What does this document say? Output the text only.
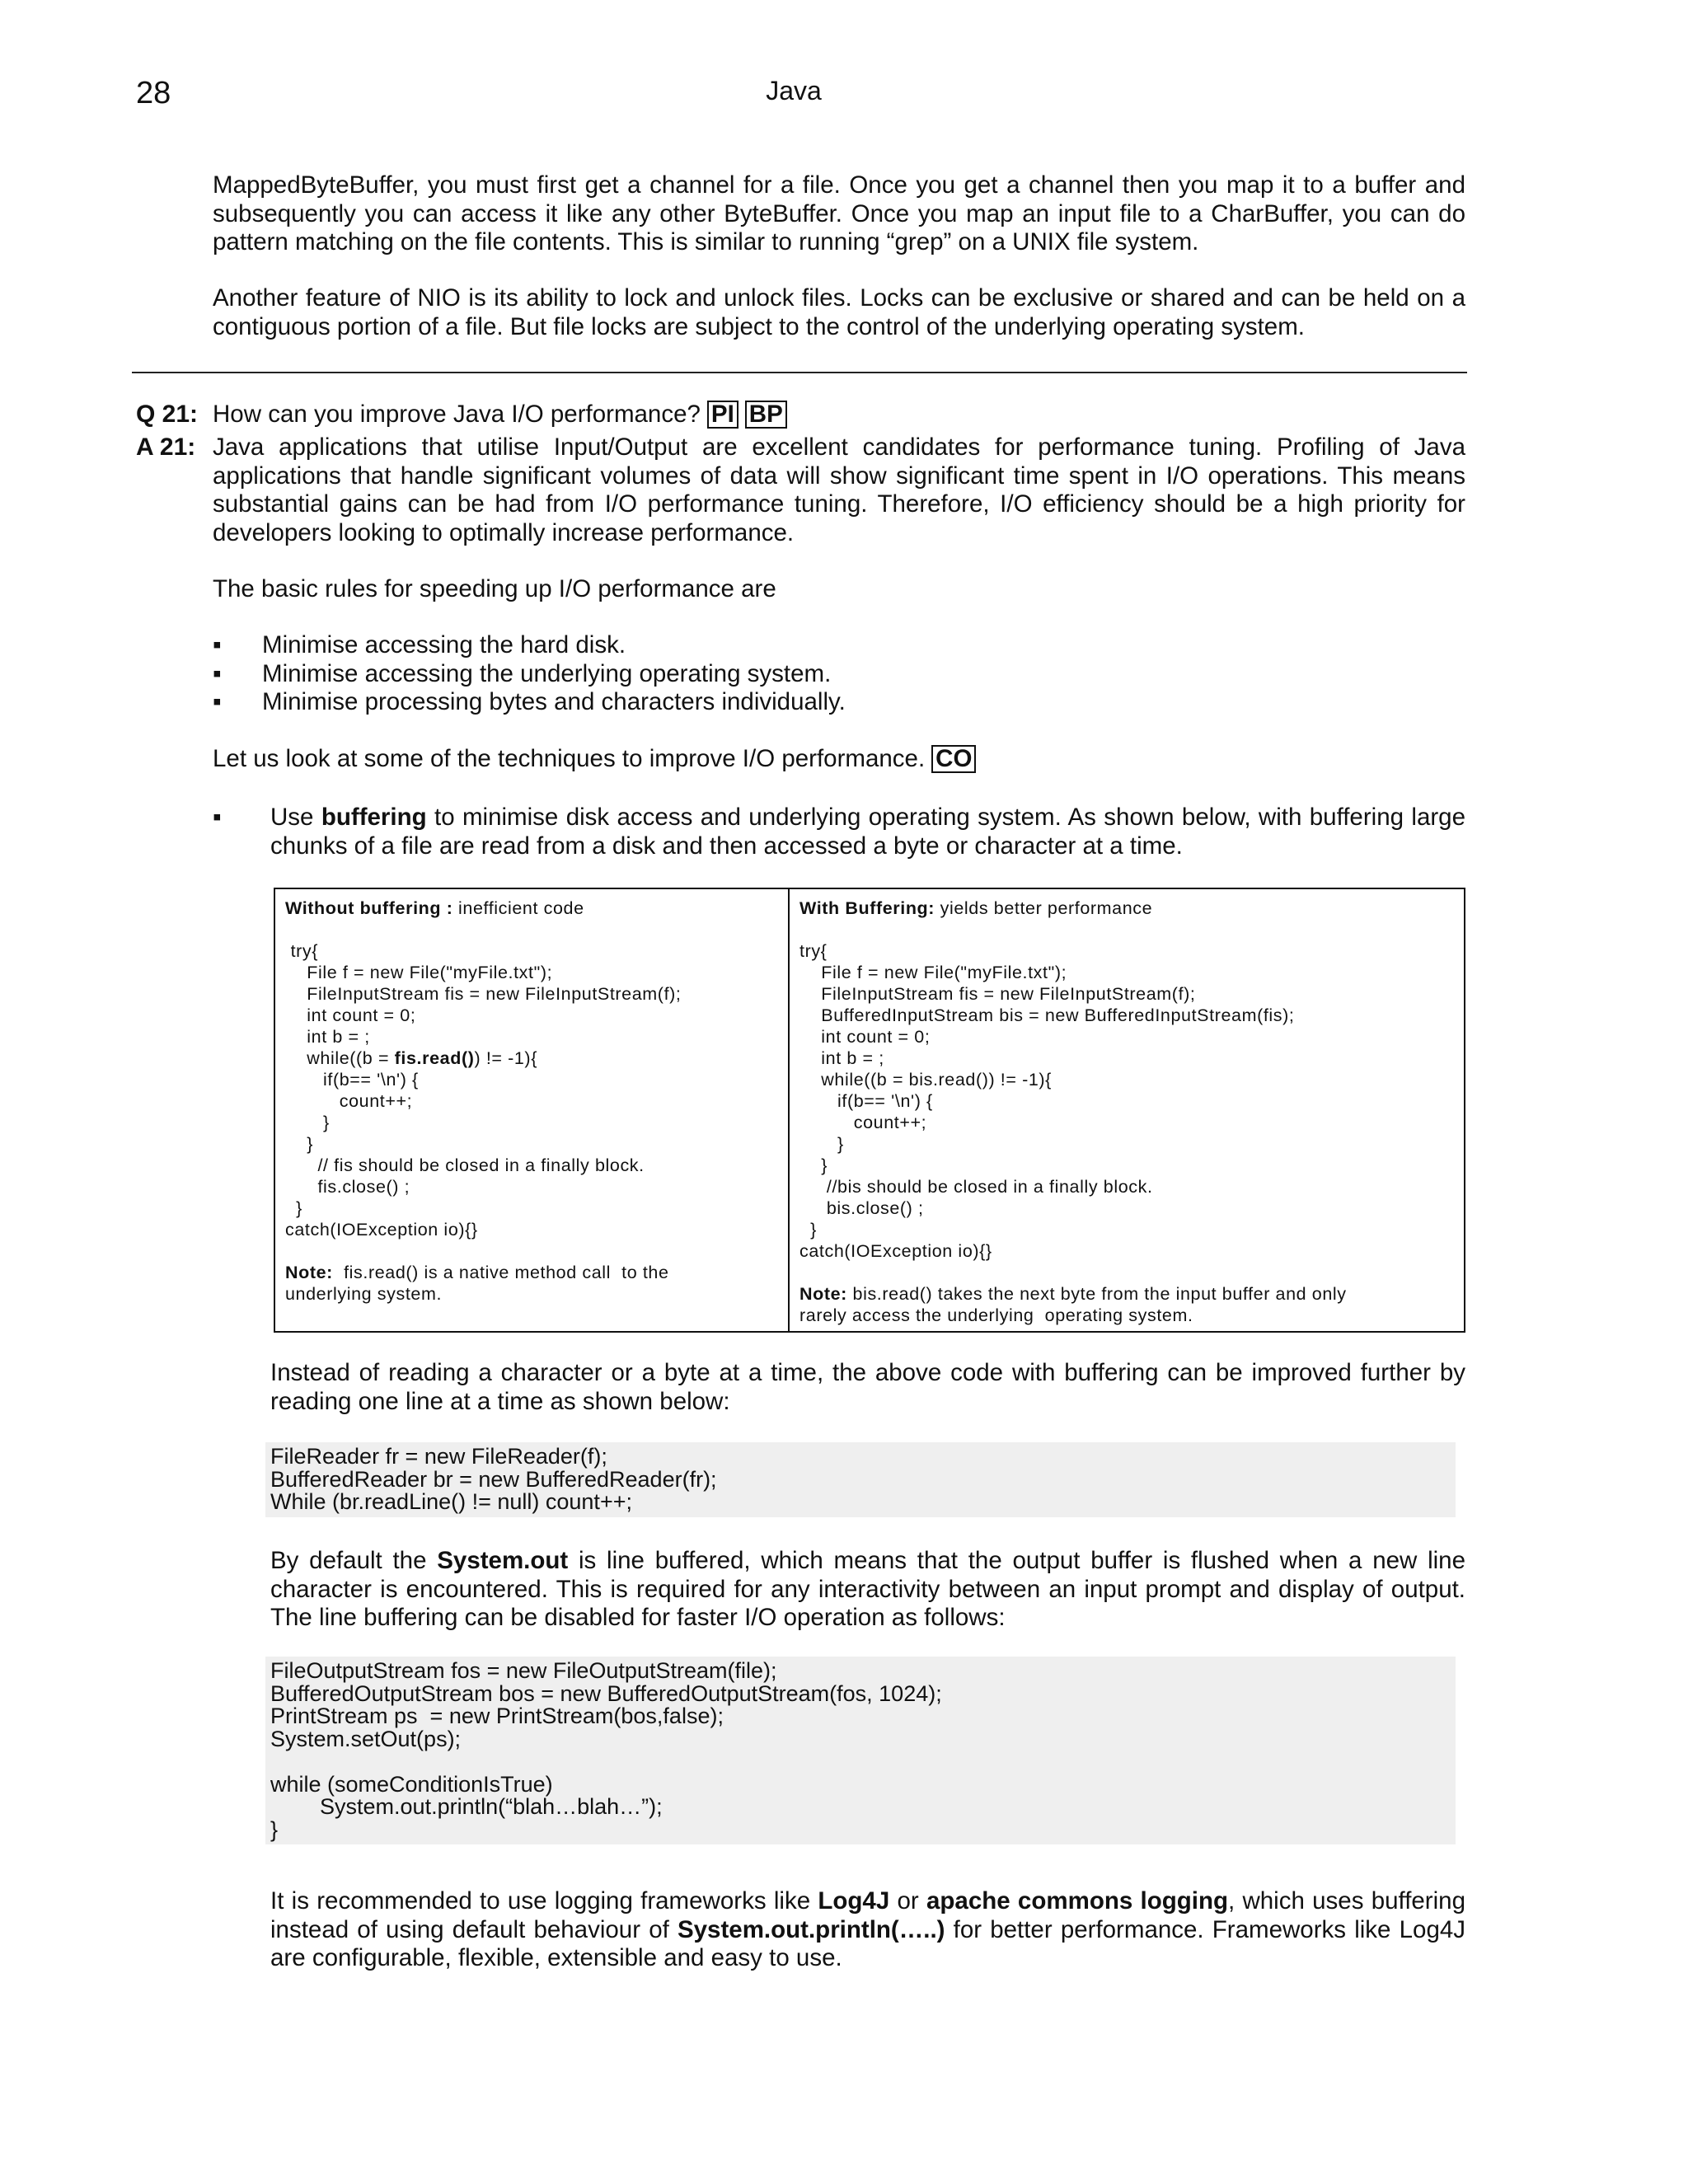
28	Java

MappedByteBuffer, you must first get a channel for a file. Once you get a channel then you map it to a buffer and subsequently you can access it like any other ByteBuffer. Once you map an input file to a CharBuffer, you can do pattern matching on the file contents. This is similar to running “grep” on a UNIX file system.

Another feature of NIO is its ability to lock and unlock files. Locks can be exclusive or shared and can be held on a contiguous portion of a file. But file locks are subject to the control of the underlying operating system.

Q 21: How can you improve Java I/O performance? PI BP
A 21: Java applications that utilise Input/Output are excellent candidates for performance tuning. Profiling of Java applications that handle significant volumes of data will show significant time spent in I/O operations. This means substantial gains can be had from I/O performance tuning. Therefore, I/O efficiency should be a high priority for developers looking to optimally increase performance.

The basic rules for speeding up I/O performance are

▪ Minimise accessing the hard disk.
▪ Minimise accessing the underlying operating system.
▪ Minimise processing bytes and characters individually.
Let us look at some of the techniques to improve I/O performance. CO
▪ Use buffering to minimise disk access and underlying operating system. As shown below, with buffering large chunks of a file are read from a disk and then accessed a byte or character at a time.

Without buffering : inefficient code
try{
File f = new File("myFile.txt");
FileInputStream fis = new FileInputStream(f);
int count = 0;
int b = ;
while((b = fis.read()) != -1){
if(b== '\n') {
count++;
}
}
// fis should be closed in a finally block.
fis.close() ;
}
catch(IOException io){}
Note:  fis.read() is a native method call  to the
underlying system.
With Buffering: yields better performance
try{
File f = new File("myFile.txt");
FileInputStream fis = new FileInputStream(f);
BufferedInputStream bis = new BufferedInputStream(fis);
int count = 0;
int b = ;
while((b = bis.read()) != -1){
if(b== '\n') {
count++;
}
}
//bis should be closed in a finally block.
bis.close() ;
}
catch(IOException io){}
Note: bis.read() takes the next byte from the input buffer and only
rarely access the underlying  operating system.

Instead of reading a character or a byte at a time, the above code with buffering can be improved further by reading one line at a time as shown below:

FileReader fr = new FileReader(f);
BufferedReader br = new BufferedReader(fr);
While (br.readLine() != null) count++;

By default the System.out is line buffered, which means that the output buffer is flushed when a new line character is encountered. This is required for any interactivity between an input prompt and display of output. The line buffering can be disabled for faster I/O operation as follows:

FileOutputStream fos = new FileOutputStream(file);
BufferedOutputStream bos = new BufferedOutputStream(fos, 1024);
PrintStream ps  = new PrintStream(bos,false);
System.setOut(ps);

while (someConditionIsTrue)
System.out.println(“blah…blah…”);
}

It is recommended to use logging frameworks like Log4J or apache commons logging, which uses buffering instead of using default behaviour of System.out.println(…..) for better performance. Frameworks like Log4J are configurable, flexible, extensible and easy to use.
